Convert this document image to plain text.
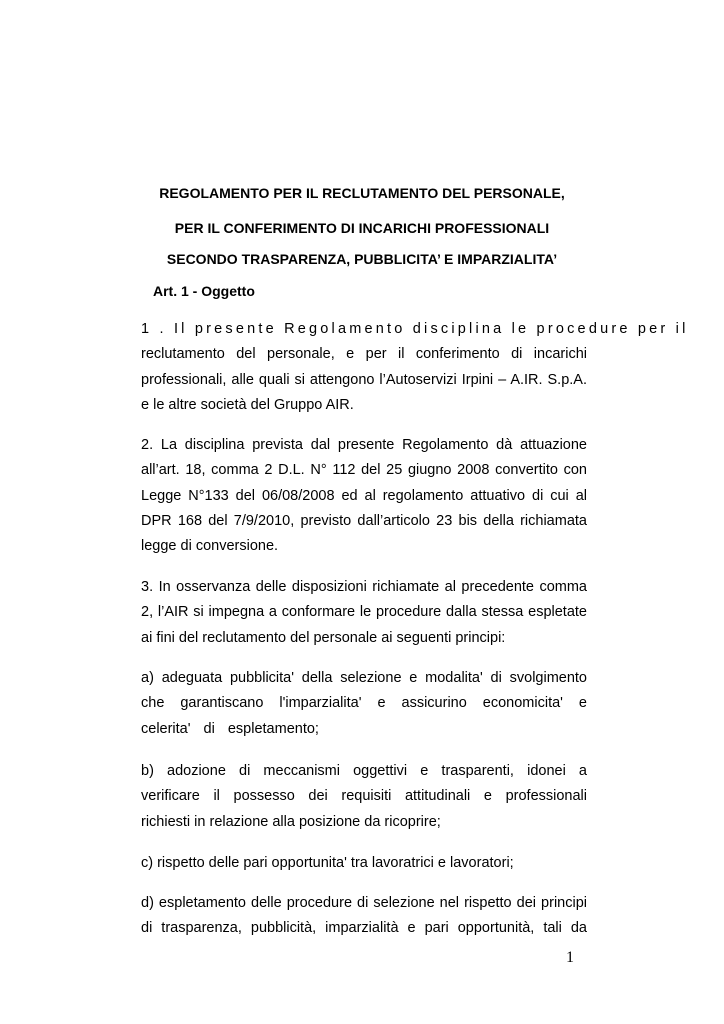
REGOLAMENTO PER IL RECLUTAMENTO DEL PERSONALE,
PER IL CONFERIMENTO DI INCARICHI PROFESSIONALI
SECONDO TRASPARENZA, PUBBLICITA’ E IMPARZIALITA’
Art. 1 - Oggetto
1 . Il presente Regolamento disciplina le procedure per il
reclutamento del personale, e per il conferimento di incarichi
professionali, alle quali si attengono l’Autoservizi Irpini – A.IR. S.p.A.
e le altre società del Gruppo AIR.
2. La disciplina prevista dal presente Regolamento dà attuazione
all’art. 18, comma 2 D.L. N° 112 del 25 giugno 2008 convertito con
Legge N°133 del 06/08/2008 ed al regolamento attuativo di cui al
DPR 168 del 7/9/2010, previsto dall’articolo 23 bis della richiamata
legge di conversione.
3. In osservanza delle disposizioni richiamate al precedente comma
2, l’AIR si impegna a conformare le procedure dalla stessa espletate
ai fini del reclutamento del personale ai seguenti principi:
a) adeguata pubblicita' della selezione e modalita' di svolgimento
che garantiscano l'imparzialita' e assicurino economicita' e
celerita' di espletamento;
b) adozione di meccanismi oggettivi e trasparenti, idonei a
verificare il possesso dei requisiti attitudinali e professionali
richiesti in relazione alla posizione da ricoprire;
c) rispetto delle pari opportunita' tra lavoratrici e lavoratori;
d) espletamento delle procedure di selezione nel rispetto dei principi
di trasparenza, pubblicità, imparzialità e pari opportunità, tali da
1
